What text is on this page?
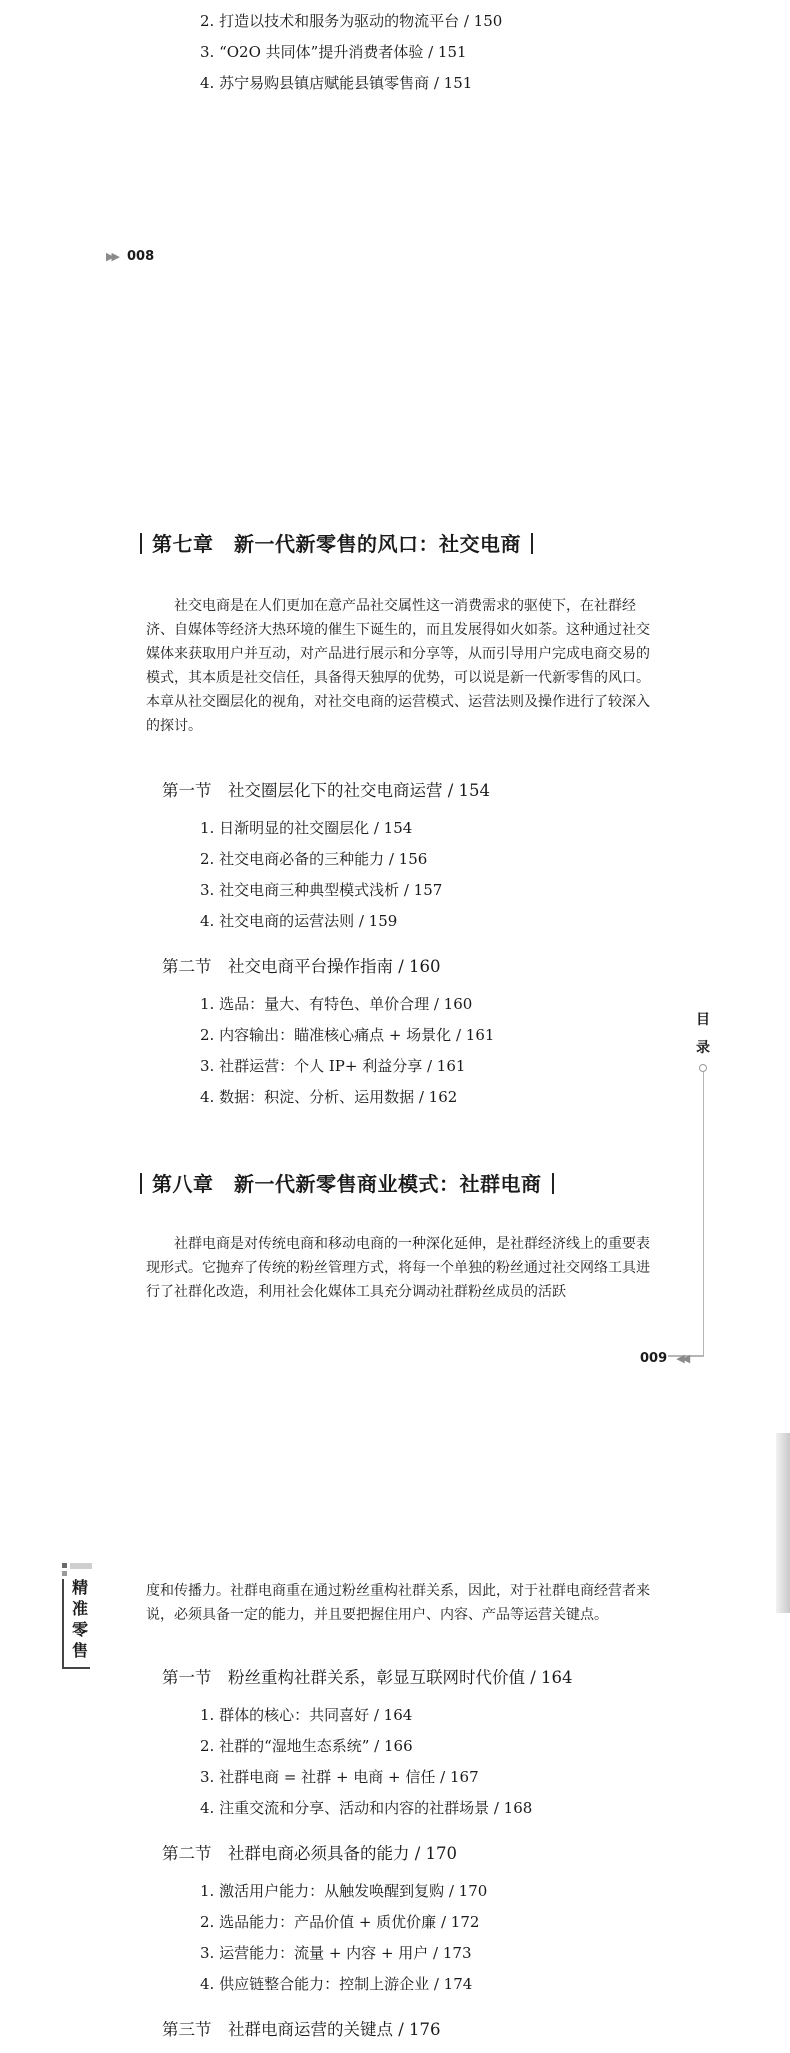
2. 打造以技术和服务为驱动的物流平台 / 150
3. “O2O 共同体”提升消费者体验 / 151
4. 苏宁易购县镇店赋能县镇零售商 / 151
▶▶ 008
第七章　新一代新零售的风口：社交电商
社交电商是在人们更加在意产品社交属性这一消费需求的驱使下，在社群经济、自媒体等经济大热环境的催生下诞生的，而且发展得如火如荼。这种通过社交媒体来获取用户并互动，对产品进行展示和分享等，从而引导用户完成电商交易的模式，其本质是社交信任，具备得天独厚的优势，可以说是新一代新零售的风口。本章从社交圈层化的视角，对社交电商的运营模式、运营法则及操作进行了较深入的探讨。
第一节　社交圈层化下的社交电商运营 / 154
1. 日渐明显的社交圈层化 / 154
2. 社交电商必备的三种能力 / 156
3. 社交电商三种典型模式浅析 / 157
4. 社交电商的运营法则 / 159
第二节　社交电商平台操作指南 / 160
1. 选品：量大、有特色、单价合理 / 160
2. 内容输出：瞄准核心痛点 + 场景化 / 161
3. 社群运营：个人 IP+ 利益分享 / 161
4. 数据：积淀、分析、运用数据 / 162
第八章　新一代新零售商业模式：社群电商
社群电商是对传统电商和移动电商的一种深化延伸，是社群经济线上的重要表现形式。它抛弃了传统的粉丝管理方式，将每一个单独的粉丝通过社交网络工具进行了社群化改造，利用社会化媒体工具充分调动社群粉丝成员的活跃
目
录
009 ◀◀
精
准
零
售
度和传播力。社群电商重在通过粉丝重构社群关系，因此，对于社群电商经营者来说，必须具备一定的能力，并且要把握住用户、内容、产品等运营关键点。
第一节　粉丝重构社群关系，彰显互联网时代价值 / 164
1. 群体的核心：共同喜好 / 164
2. 社群的“湿地生态系统” / 166
3. 社群电商 = 社群 + 电商 + 信任 / 167
4. 注重交流和分享、活动和内容的社群场景 / 168
第二节　社群电商必须具备的能力 / 170
1. 激活用户能力：从触发唤醒到复购 / 170
2. 选品能力：产品价值 + 质优价廉 / 172
3. 运营能力：流量 + 内容 + 用户 / 173
4. 供应链整合能力：控制上游企业 / 174
第三节　社群电商运营的关键点 / 176
